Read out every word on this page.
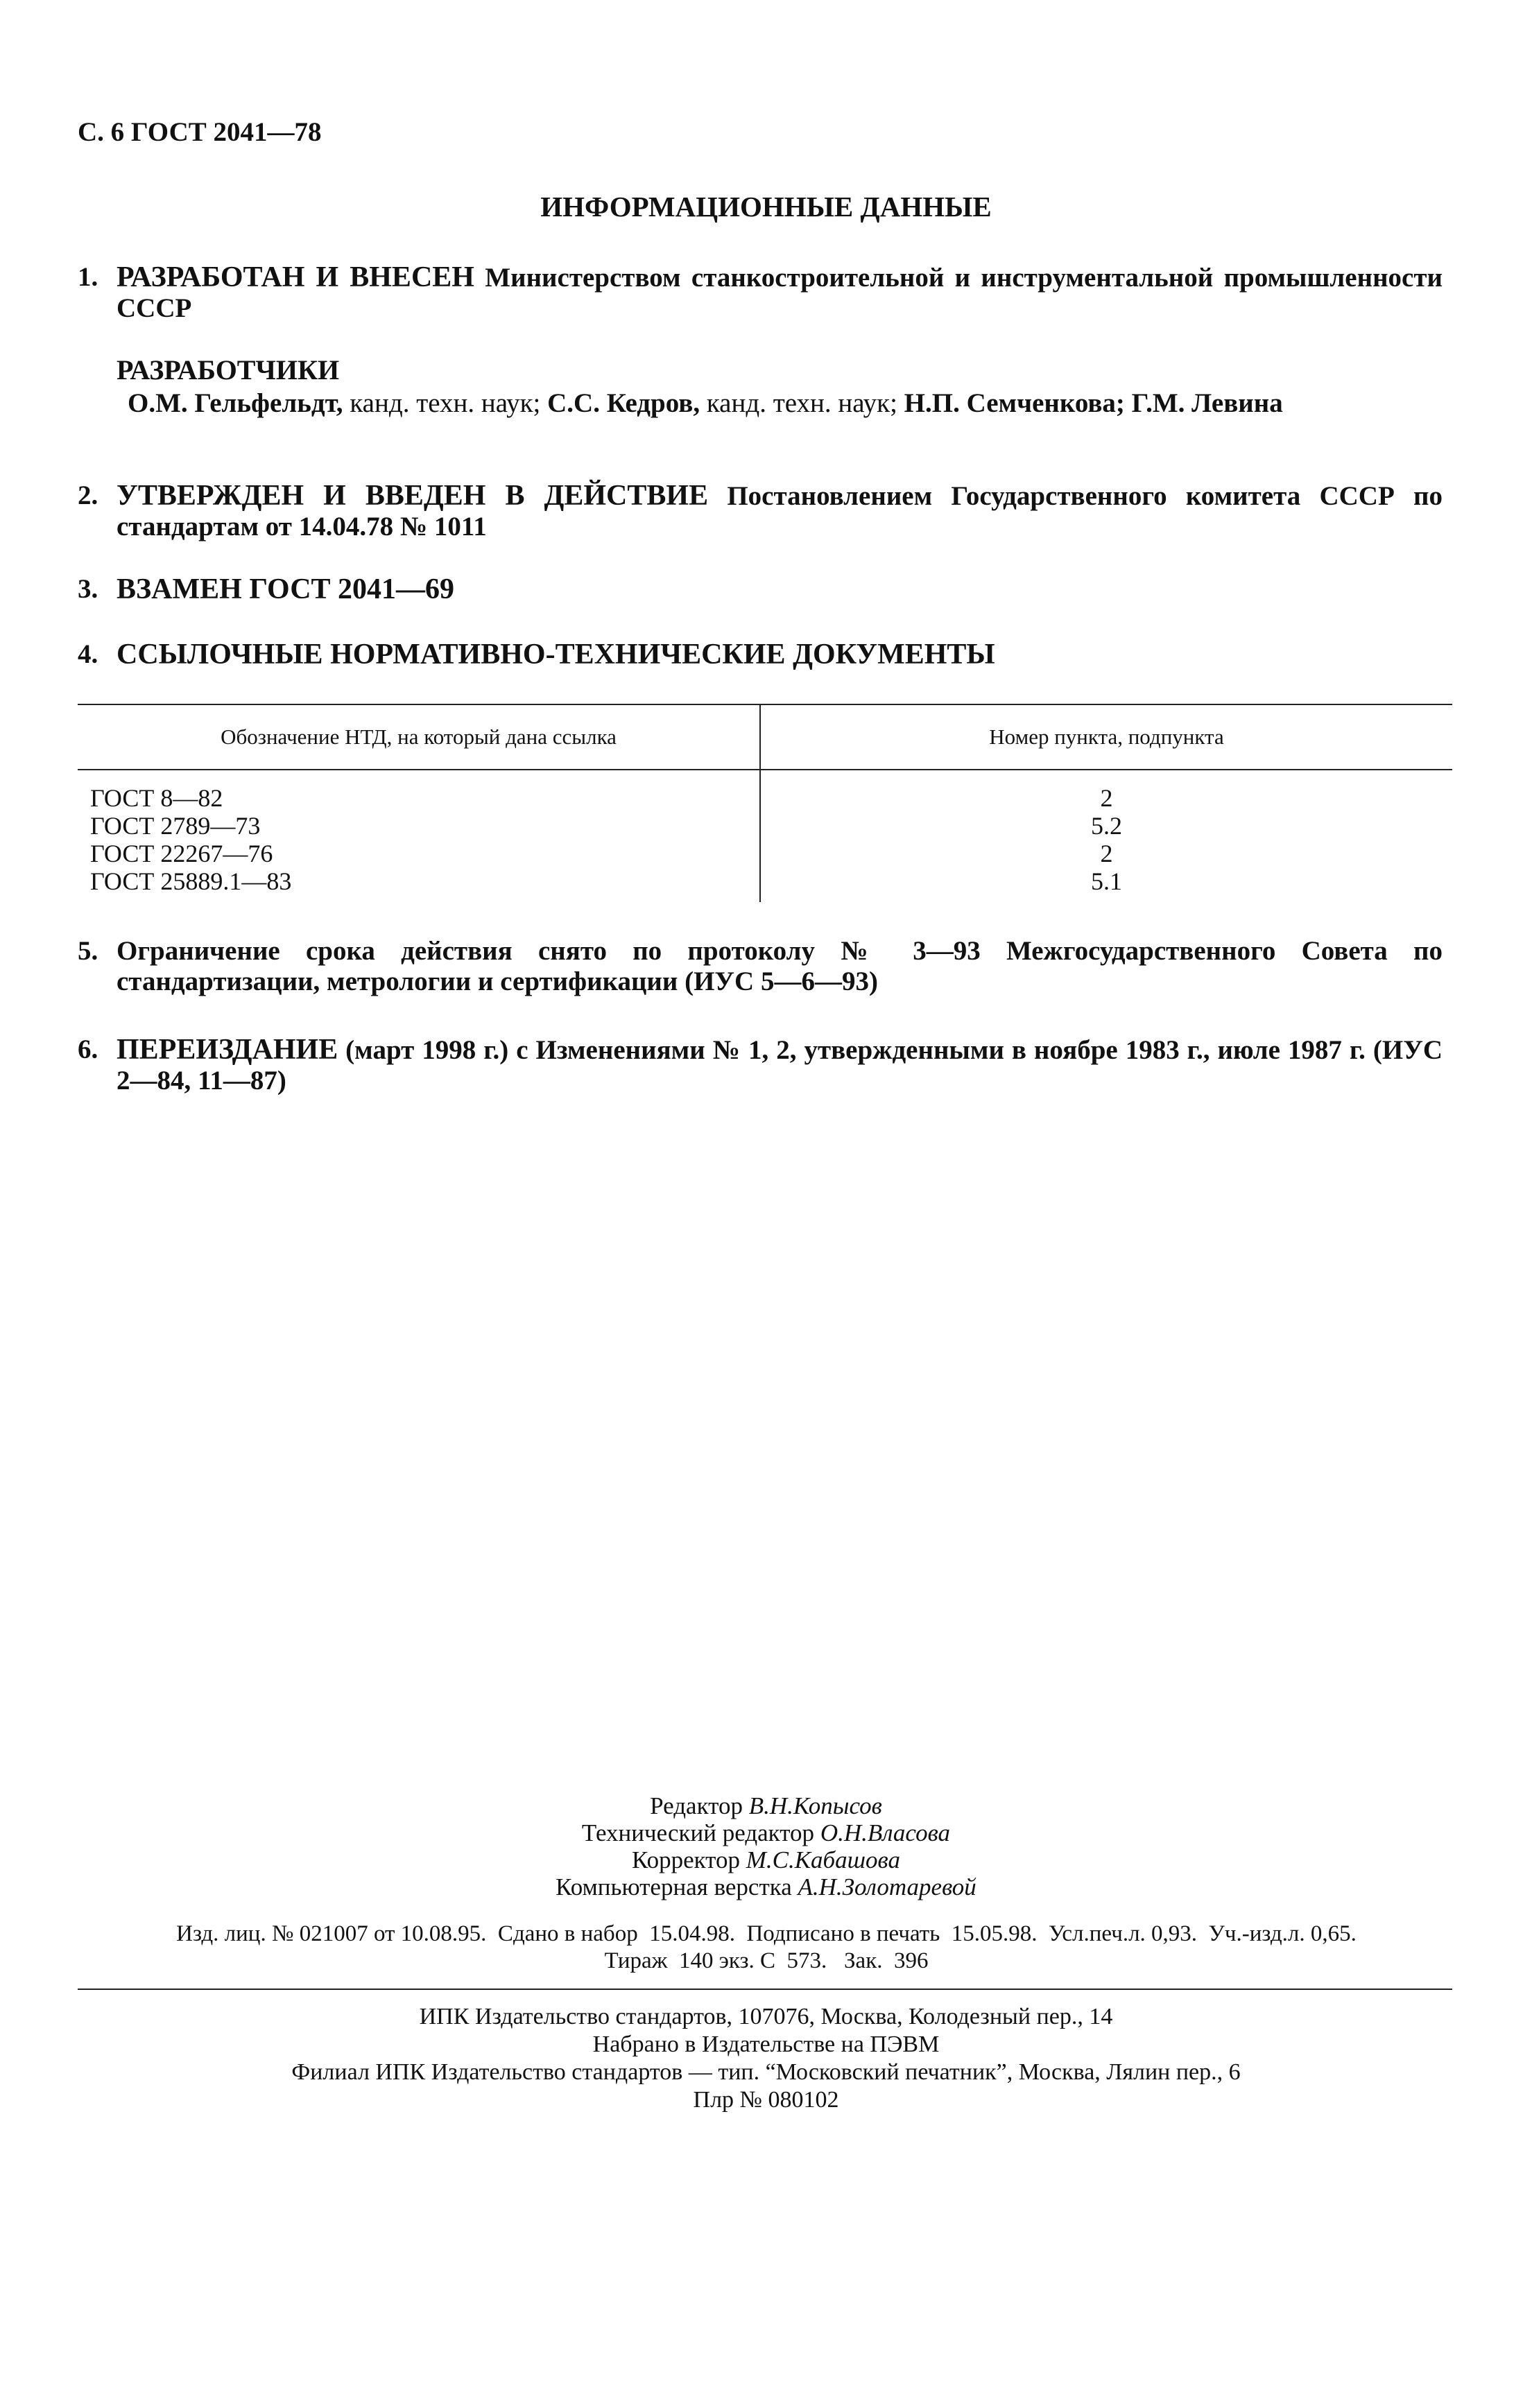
С. 6 ГОСТ 2041—78
ИНФОРМАЦИОННЫЕ ДАННЫЕ
1. РАЗРАБОТАН И ВНЕСЕН Министерством станкостроительной и инструментальной промышленности СССР
РАЗРАБОТЧИКИ
О.М. Гельфельдт, канд. техн. наук; С.С. Кедров, канд. техн. наук; Н.П. Семченкова; Г.М. Левина
2. УТВЕРЖДЕН И ВВЕДЕН В ДЕЙСТВИЕ Постановлением Государственного комитета СССР по стандартам от 14.04.78 № 1011
3. ВЗАМЕН ГОСТ 2041—69
4. ССЫЛОЧНЫЕ НОРМАТИВНО-ТЕХНИЧЕСКИЕ ДОКУМЕНТЫ
Обозначение НТД, на который дана ссылка	Номер пункта, подпункта
ГОСТ 8—82	2
ГОСТ 2789—73	5.2
ГОСТ 22267—76	2
ГОСТ 25889.1—83	5.1
5. Ограничение срока действия снято по протоколу № 3—93 Межгосударственного Совета по стандартизации, метрологии и сертификации (ИУС 5—6—93)
6. ПЕРЕИЗДАНИЕ (март 1998 г.) с Изменениями № 1, 2, утвержденными в ноябре 1983 г., июле 1987 г. (ИУС 2—84, 11—87)
Редактор В.Н.Копысов
Технический редактор О.Н.Власова
Корректор М.С.Кабашова
Компьютерная верстка А.Н.Золотаревой
Изд. лиц. № 021007 от 10.08.95.  Сдано в набор  15.04.98.  Подписано в печать  15.05.98.  Усл.печ.л. 0,93.  Уч.-изд.л. 0,65.
Тираж  140 экз. С  573.   Зак.  396
ИПК Издательство стандартов, 107076, Москва, Колодезный пер., 14
Набрано в Издательстве на ПЭВМ
Филиал ИПК Издательство стандартов — тип. “Московский печатник”, Москва, Лялин пер., 6
Плр № 080102
